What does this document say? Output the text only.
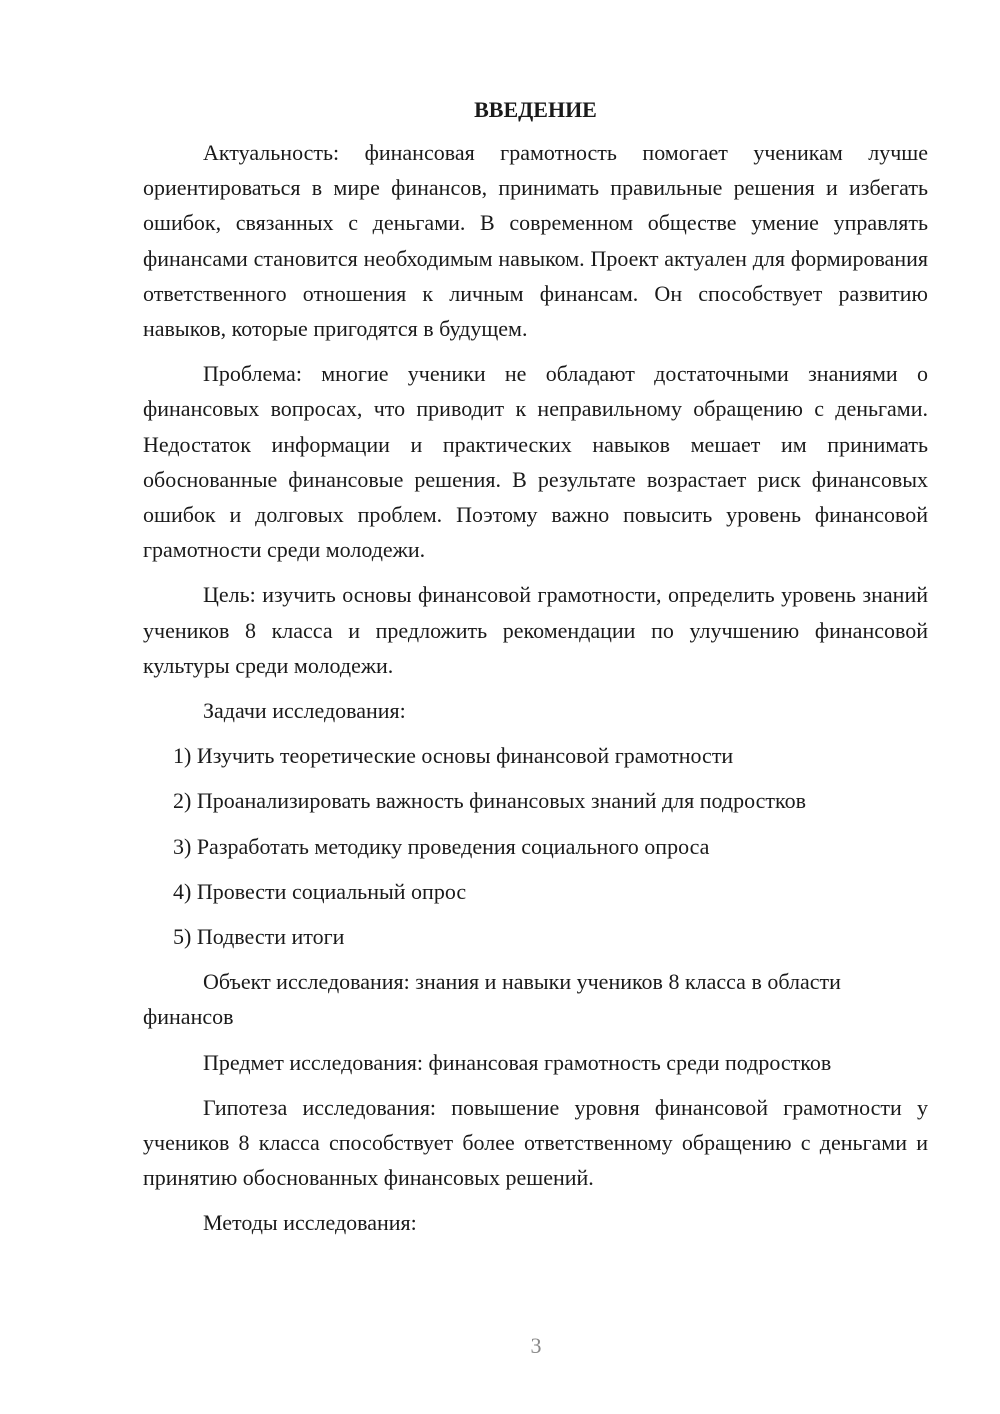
ВВЕДЕНИЕ

Актуальность: финансовая грамотность помогает ученикам лучше ориентироваться в мире финансов, принимать правильные решения и избегать ошибок, связанных с деньгами. В современном обществе умение управлять финансами становится необходимым навыком. Проект актуален для формирования ответственного отношения к личным финансам. Он способствует развитию навыков, которые пригодятся в будущем.

Проблема: многие ученики не обладают достаточными знаниями о финансовых вопросах, что приводит к неправильному обращению с деньгами. Недостаток информации и практических навыков мешает им принимать обоснованные финансовые решения. В результате возрастает риск финансовых ошибок и долговых проблем. Поэтому важно повысить уровень финансовой грамотности среди молодежи.

Цель: изучить основы финансовой грамотности, определить уровень знаний учеников 8 класса и предложить рекомендации по улучшению финансовой культуры среди молодежи.

Задачи исследования:

1) Изучить теоретические основы финансовой грамотности
2) Проанализировать важность финансовых знаний для подростков
3) Разработать методику проведения социального опроса
4) Провести социальный опрос
5) Подвести итоги

Объект исследования: знания и навыки учеников 8 класса в области финансов

Предмет исследования: финансовая грамотность среди подростков

Гипотеза исследования: повышение уровня финансовой грамотности у учеников 8 класса способствует более ответственному обращению с деньгами и принятию обоснованных финансовых решений.

Методы исследования:

3
